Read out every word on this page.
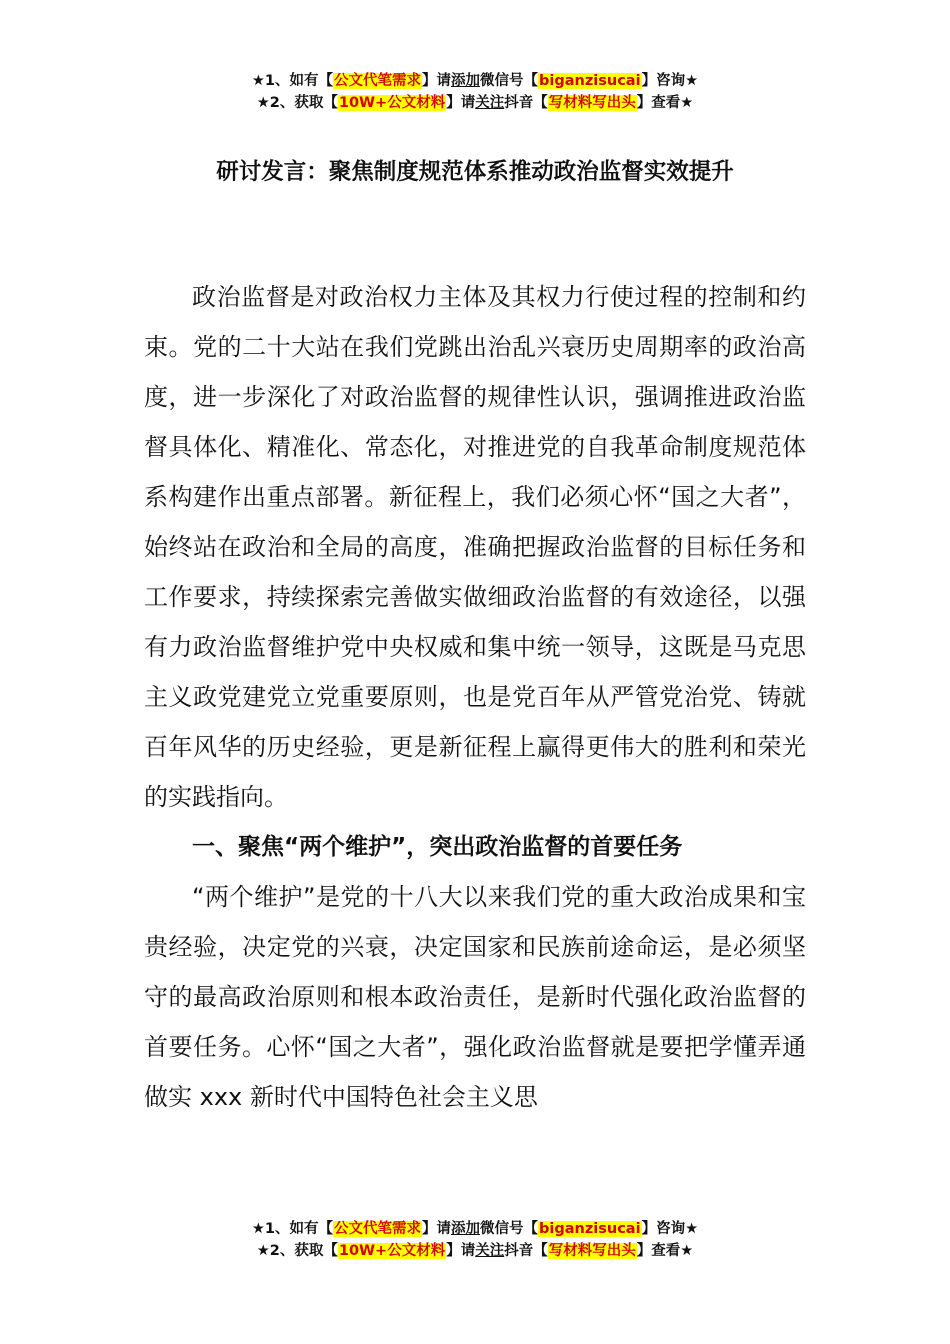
★1、如有【公文代笔需求】请添加微信号【biganzisucai】咨询★
★2、获取【10W+公文材料】请关注抖音【写材料写出头】查看★
研讨发言：聚焦制度规范体系推动政治监督实效提升

政治监督是对政治权力主体及其权力行使过程的控制和约束。党的二十大站在我们党跳出治乱兴衰历史周期率的政治高度，进一步深化了对政治监督的规律性认识，强调推进政治监督具体化、精准化、常态化，对推进党的自我革命制度规范体系构建作出重点部署。新征程上，我们必须心怀“国之大者”，始终站在政治和全局的高度，准确把握政治监督的目标任务和工作要求，持续探索完善做实做细政治监督的有效途径，以强有力政治监督维护党中央权威和集中统一领导，这既是马克思主义政党建党立党重要原则，也是党百年从严管党治党、铸就百年风华的历史经验，更是新征程上赢得更伟大的胜利和荣光的实践指向。

一、聚焦“两个维护”，突出政治监督的首要任务

“两个维护”是党的十八大以来我们党的重大政治成果和宝贵经验，决定党的兴衰，决定国家和民族前途命运，是必须坚守的最高政治原则和根本政治责任，是新时代强化政治监督的首要任务。心怀“国之大者”，强化政治监督就是要把学懂弄通做实 xxx 新时代中国特色社会主义思

★1、如有【公文代笔需求】请添加微信号【biganzisucai】咨询★
★2、获取【10W+公文材料】请关注抖音【写材料写出头】查看★
